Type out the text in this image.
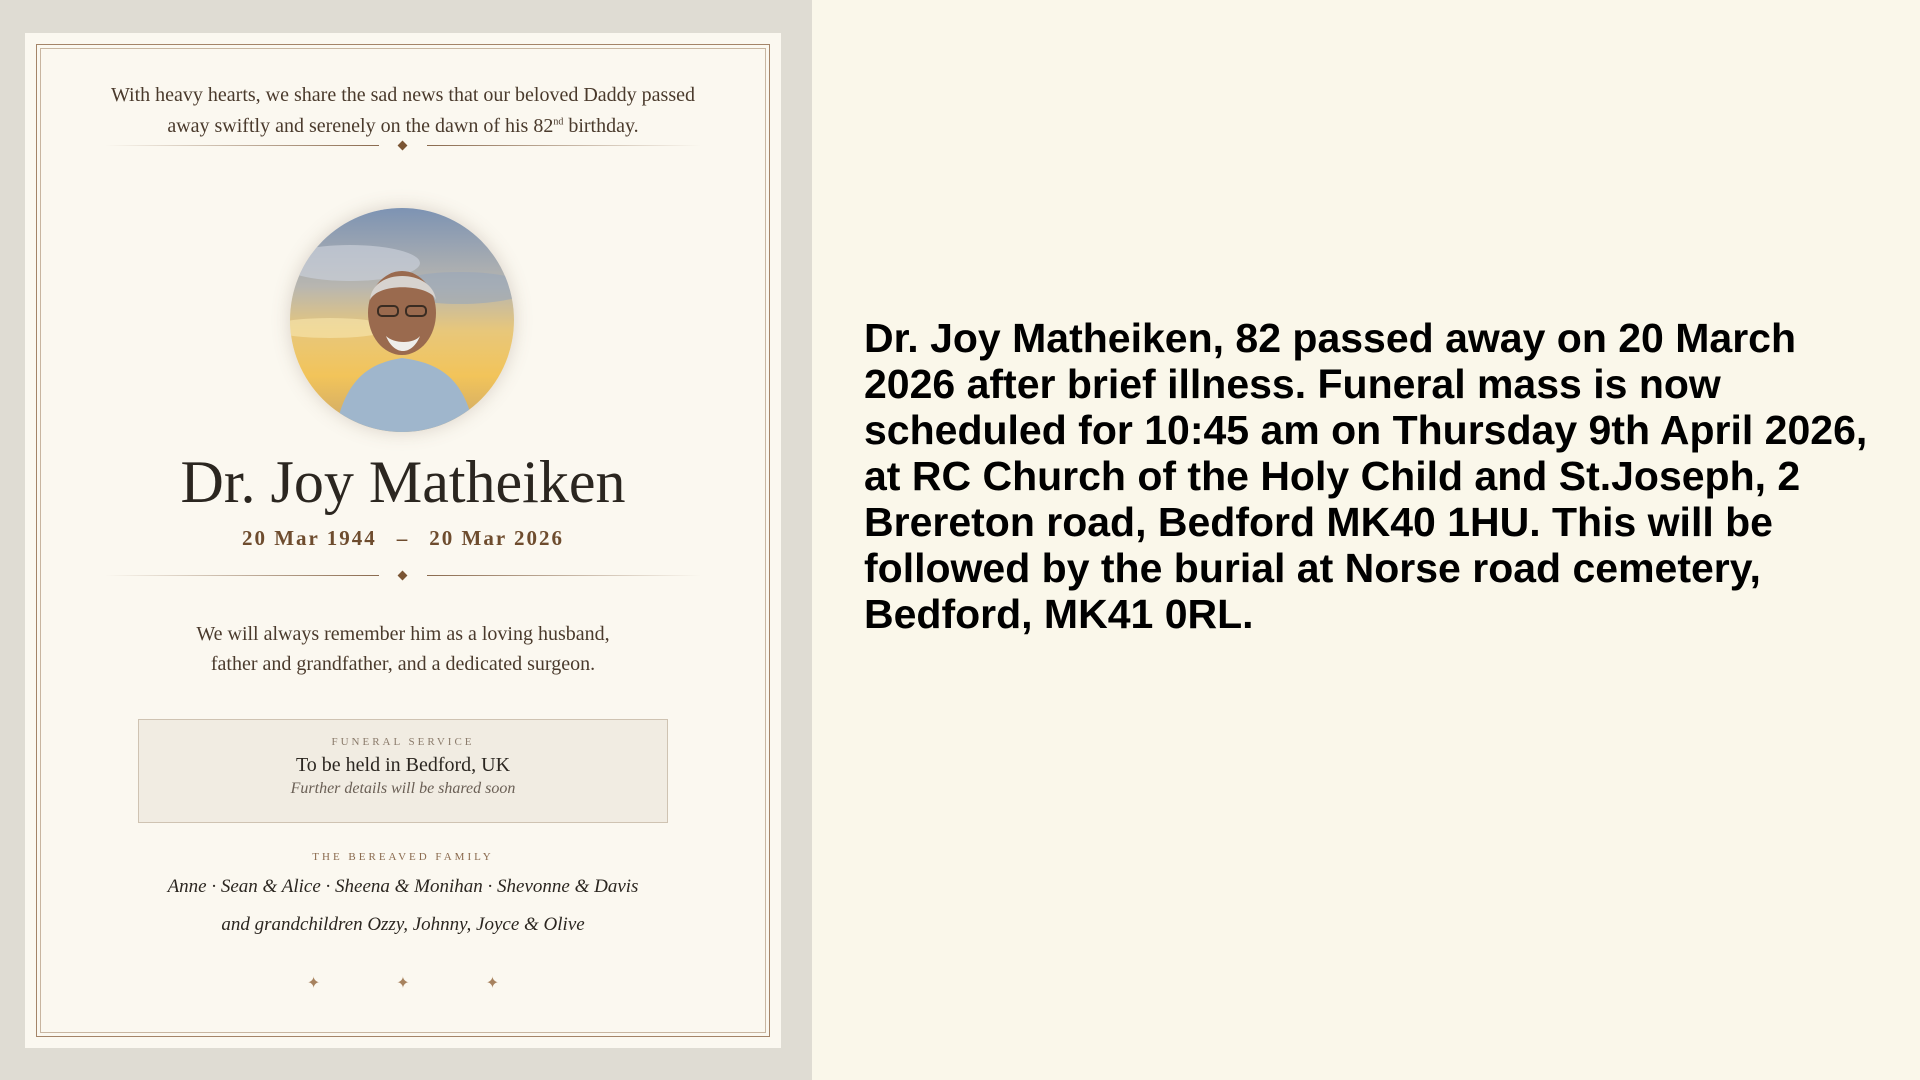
With heavy hearts, we share the sad news that our beloved Daddy passed
away swiftly and serenely on the dawn of his 82nd birthday.
Dr. Joy Matheiken
20 Mar 1944 – 20 Mar 2026
We will always remember him as a loving husband,
father and grandfather, and a dedicated surgeon.
FUNERAL SERVICE
To be held in Bedford, UK
Further details will be shared soon
THE BEREAVED FAMILY
Anne · Sean & Alice · Sheena & Monihan · Shevonne & Davis
and grandchildren Ozzy, Johnny, Joyce & Olive
✦	✦	✦
Dr. Joy Matheiken, 82 passed away on 20 March 2026 after brief illness. Funeral mass is now scheduled for 10:45 am on Thursday 9th April 2026, at RC Church of the Holy Child and St.Joseph, 2 Brereton road, Bedford MK40 1HU. This will be followed by the burial at Norse road cemetery, Bedford, MK41 0RL.
